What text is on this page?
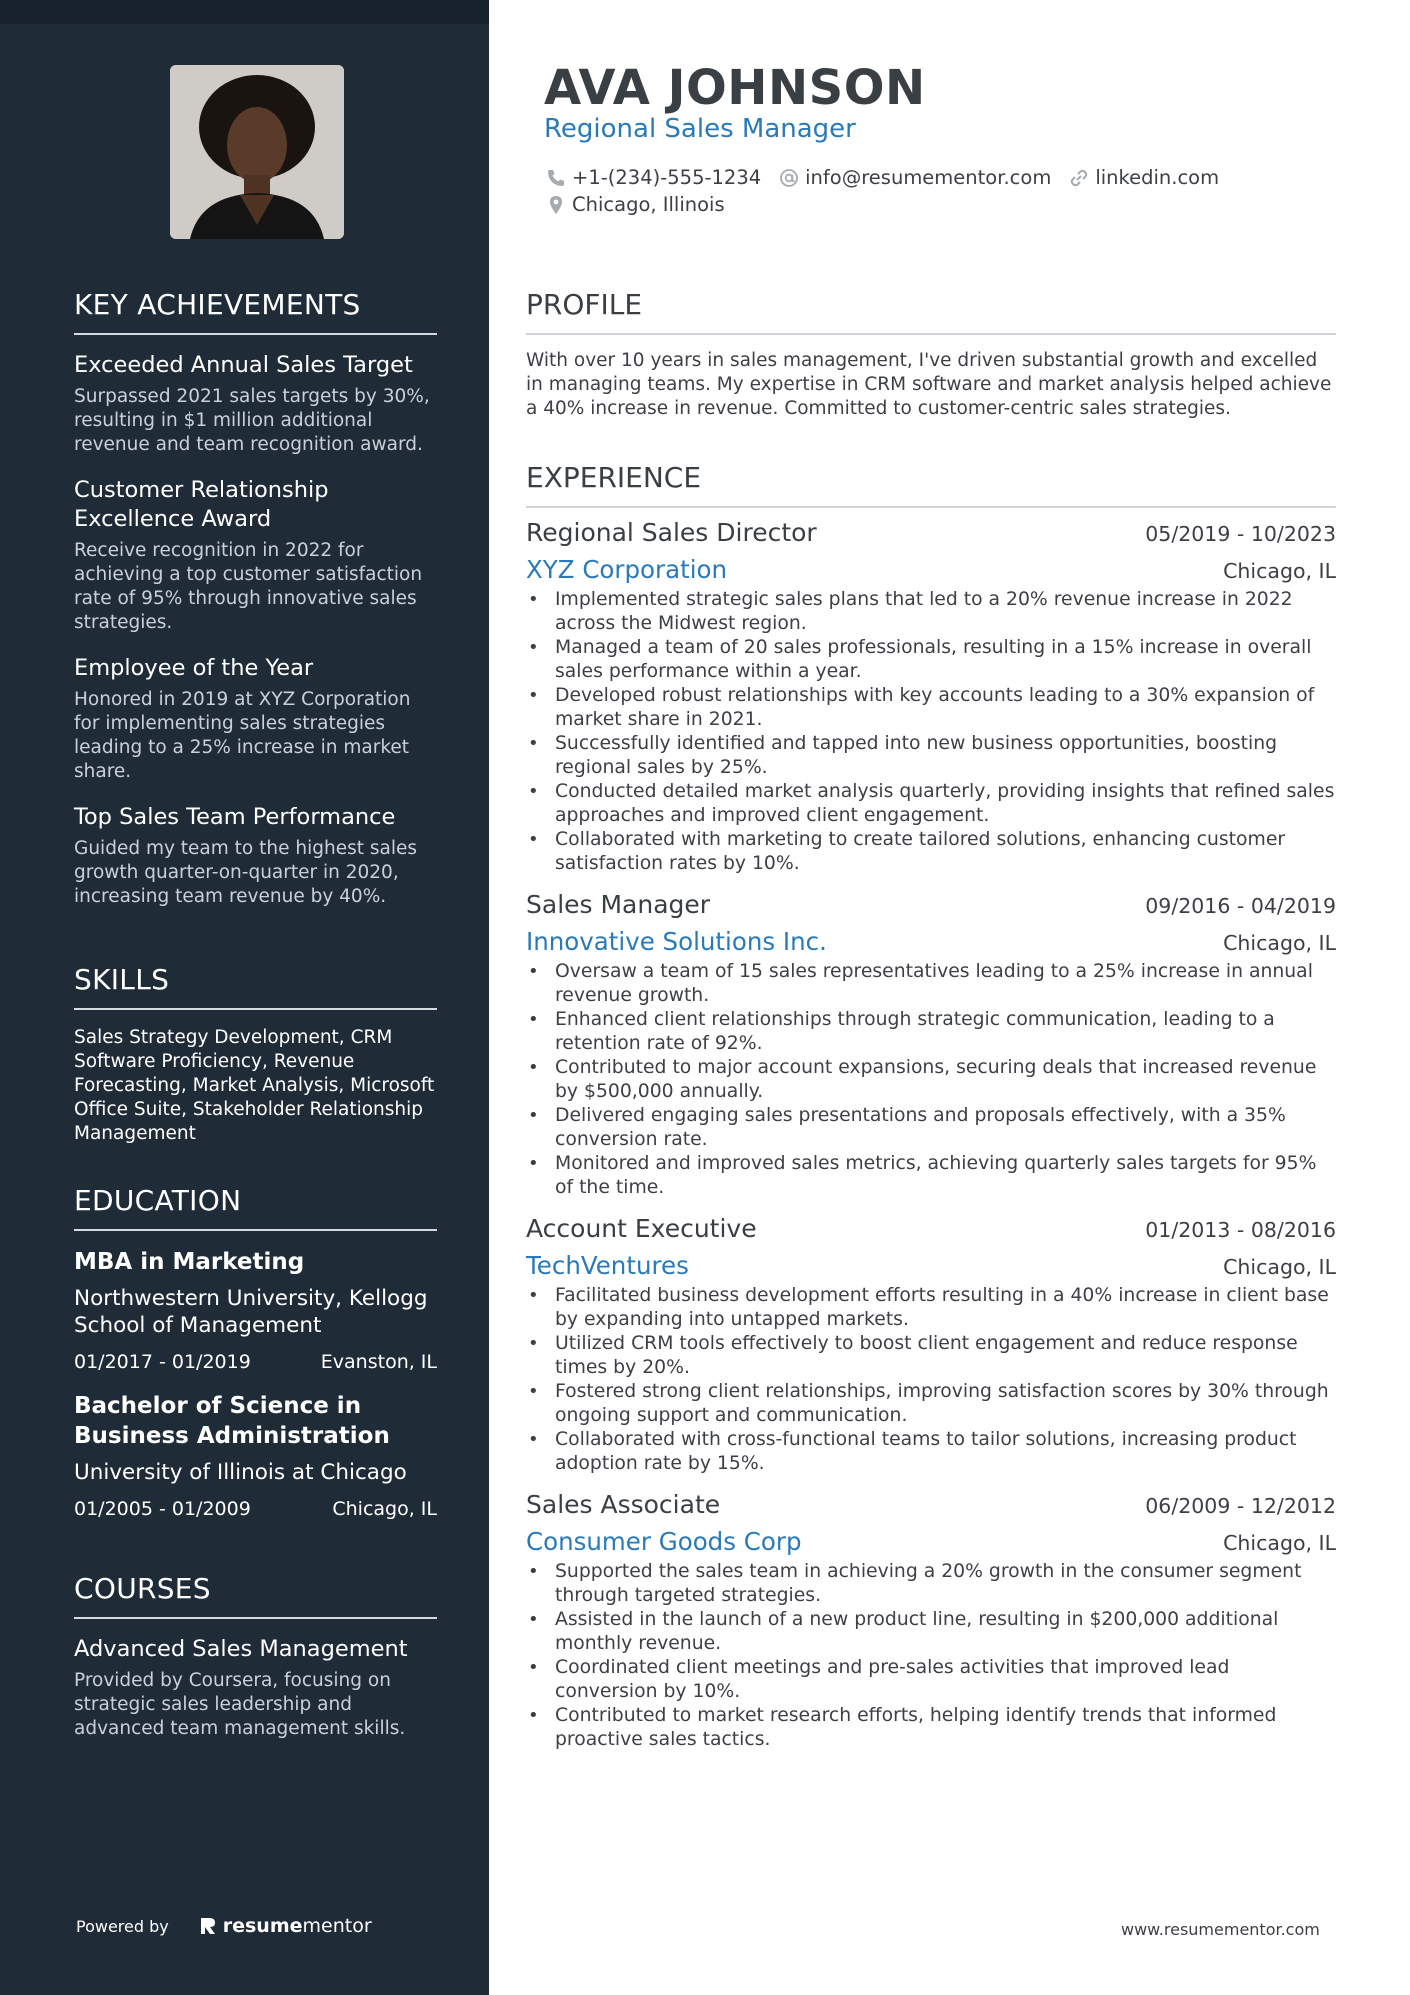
KEY ACHIEVEMENTS
Exceeded Annual Sales Target
Surpassed 2021 sales targets by 30%, resulting in $1 million additional revenue and team recognition award.
Customer Relationship Excellence Award
Receive recognition in 2022 for achieving a top customer satisfaction rate of 95% through innovative sales strategies.
Employee of the Year
Honored in 2019 at XYZ Corporation for implementing sales strategies leading to a 25% increase in market share.
Top Sales Team Performance
Guided my team to the highest sales growth quarter-on-quarter in 2020, increasing team revenue by 40%.
SKILLS
Sales Strategy Development, CRM Software Proficiency, Revenue Forecasting, Market Analysis, Microsoft Office Suite, Stakeholder Relationship Management
EDUCATION
MBA in Marketing
Northwestern University, Kellogg School of Management
01/2017 - 01/2019	Evanston, IL
Bachelor of Science in Business Administration
University of Illinois at Chicago
01/2005 - 01/2009	Chicago, IL
COURSES
Advanced Sales Management
Provided by Coursera, focusing on strategic sales leadership and advanced team management skills.
Powered by	resumementor
AVA JOHNSON
Regional Sales Manager
+1-(234)-555-1234 info@resumementor.com linkedin.com
Chicago, Illinois
PROFILE
With over 10 years in sales management, I've driven substantial growth and excelled in managing teams. My expertise in CRM software and market analysis helped achieve a 40% increase in revenue. Committed to customer-centric sales strategies.
EXPERIENCE
Regional Sales Director	05/2019 - 10/2023
XYZ Corporation	Chicago, IL
• Implemented strategic sales plans that led to a 20% revenue increase in 2022 across the Midwest region.
• Managed a team of 20 sales professionals, resulting in a 15% increase in overall sales performance within a year.
• Developed robust relationships with key accounts leading to a 30% expansion of market share in 2021.
• Successfully identified and tapped into new business opportunities, boosting regional sales by 25%.
• Conducted detailed market analysis quarterly, providing insights that refined sales approaches and improved client engagement.
• Collaborated with marketing to create tailored solutions, enhancing customer satisfaction rates by 10%.
Sales Manager	09/2016 - 04/2019
Innovative Solutions Inc.	Chicago, IL
• Oversaw a team of 15 sales representatives leading to a 25% increase in annual revenue growth.
• Enhanced client relationships through strategic communication, leading to a retention rate of 92%.
• Contributed to major account expansions, securing deals that increased revenue by $500,000 annually.
• Delivered engaging sales presentations and proposals effectively, with a 35% conversion rate.
• Monitored and improved sales metrics, achieving quarterly sales targets for 95% of the time.
Account Executive	01/2013 - 08/2016
TechVentures	Chicago, IL
• Facilitated business development efforts resulting in a 40% increase in client base by expanding into untapped markets.
• Utilized CRM tools effectively to boost client engagement and reduce response times by 20%.
• Fostered strong client relationships, improving satisfaction scores by 30% through ongoing support and communication.
• Collaborated with cross-functional teams to tailor solutions, increasing product adoption rate by 15%.
Sales Associate	06/2009 - 12/2012
Consumer Goods Corp	Chicago, IL
• Supported the sales team in achieving a 20% growth in the consumer segment through targeted strategies.
• Assisted in the launch of a new product line, resulting in $200,000 additional monthly revenue.
• Coordinated client meetings and pre-sales activities that improved lead conversion by 10%.
• Contributed to market research efforts, helping identify trends that informed proactive sales tactics.
www.resumementor.com
